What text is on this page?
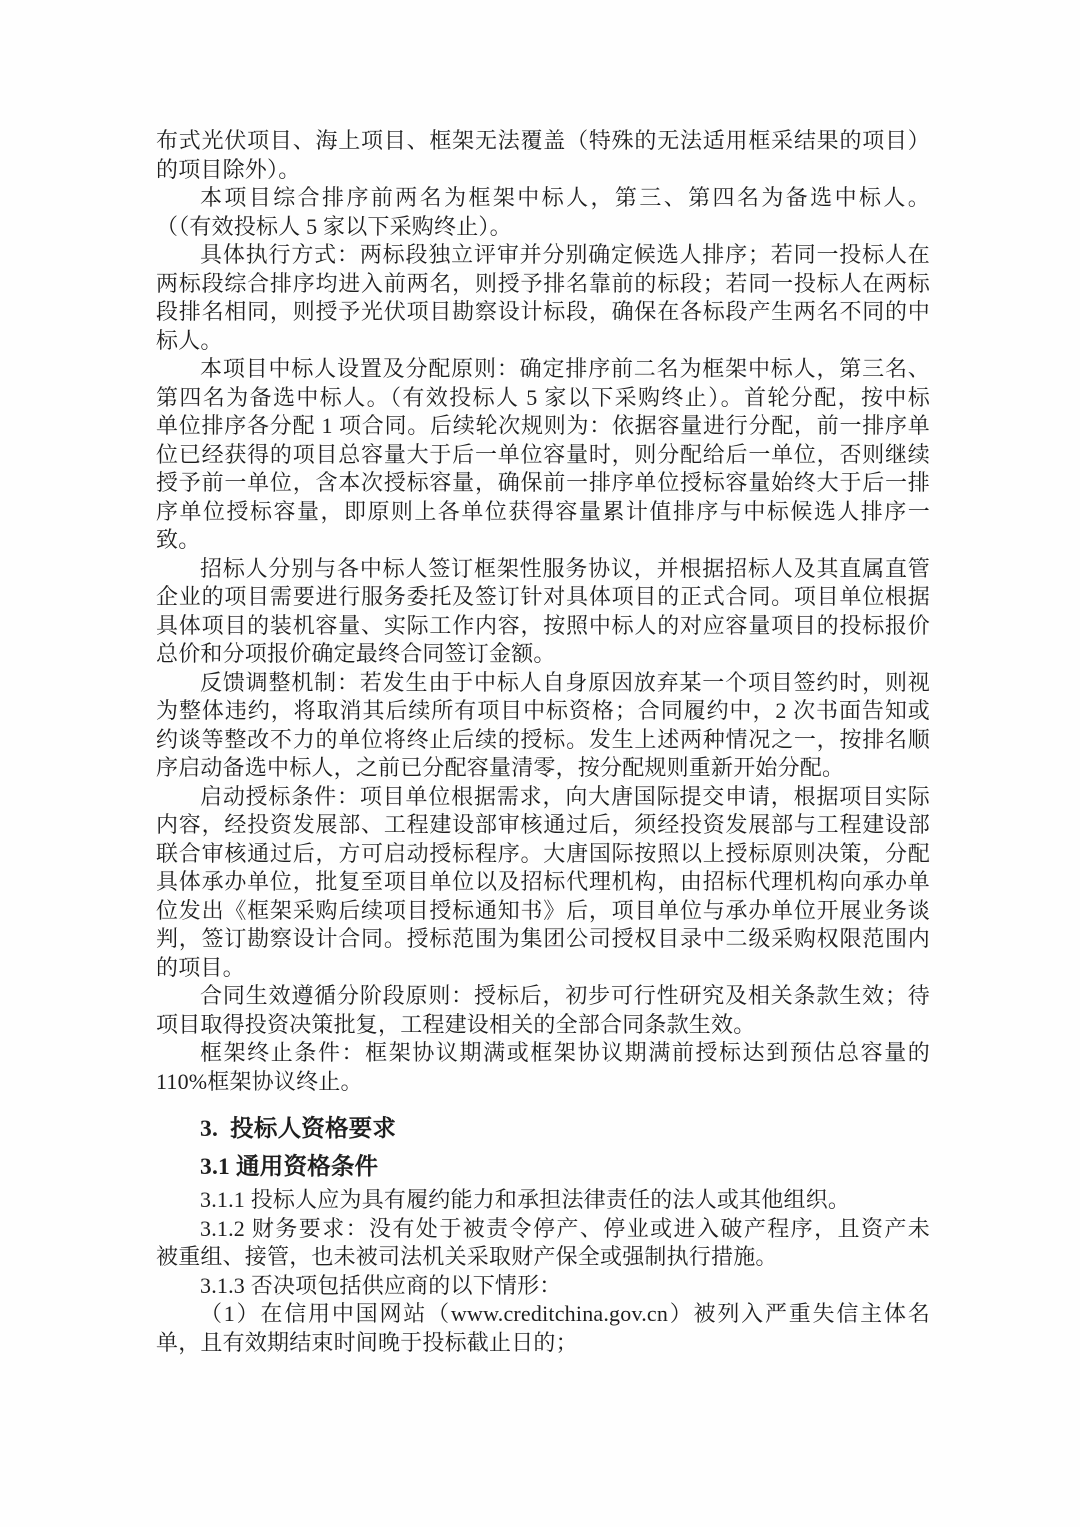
布式光伏项目、海上项目、框架无法覆盖（特殊的无法适用框采结果的项目）
的项目除外）。
本项目综合排序前两名为框架中标人，第三、第四名为备选中标人。
（（有效投标人 5 家以下采购终止）。
具体执行方式：两标段独立评审并分别确定候选人排序；若同一投标人在
两标段综合排序均进入前两名，则授予排名靠前的标段；若同一投标人在两标
段排名相同，则授予光伏项目勘察设计标段，确保在各标段产生两名不同的中
标人。
本项目中标人设置及分配原则：确定排序前二名为框架中标人，第三名、
第四名为备选中标人。（有效投标人 5 家以下采购终止）。首轮分配，按中标
单位排序各分配 1 项合同。后续轮次规则为：依据容量进行分配，前一排序单
位已经获得的项目总容量大于后一单位容量时，则分配给后一单位，否则继续
授予前一单位，含本次授标容量，确保前一排序单位授标容量始终大于后一排
序单位授标容量，即原则上各单位获得容量累计值排序与中标候选人排序一
致。
招标人分别与各中标人签订框架性服务协议，并根据招标人及其直属直管
企业的项目需要进行服务委托及签订针对具体项目的正式合同。项目单位根据
具体项目的装机容量、实际工作内容，按照中标人的对应容量项目的投标报价
总价和分项报价确定最终合同签订金额。
反馈调整机制：若发生由于中标人自身原因放弃某一个项目签约时，则视
为整体违约，将取消其后续所有项目中标资格；合同履约中，2 次书面告知或
约谈等整改不力的单位将终止后续的授标。发生上述两种情况之一，按排名顺
序启动备选中标人，之前已分配容量清零，按分配规则重新开始分配。
启动授标条件：项目单位根据需求，向大唐国际提交申请，根据项目实际
内容，经投资发展部、工程建设部审核通过后，须经投资发展部与工程建设部
联合审核通过后，方可启动授标程序。大唐国际按照以上授标原则决策，分配
具体承办单位，批复至项目单位以及招标代理机构，由招标代理机构向承办单
位发出《框架采购后续项目授标通知书》后，项目单位与承办单位开展业务谈
判，签订勘察设计合同。授标范围为集团公司授权目录中二级采购权限范围内
的项目。
合同生效遵循分阶段原则：授标后，初步可行性研究及相关条款生效；待
项目取得投资决策批复，工程建设相关的全部合同条款生效。
框架终止条件：框架协议期满或框架协议期满前授标达到预估总容量的
110%框架协议终止。
3.  投标人资格要求
3.1 通用资格条件
3.1.1 投标人应为具有履约能力和承担法律责任的法人或其他组织。
3.1.2 财务要求：没有处于被责令停产、停业或进入破产程序，且资产未
被重组、接管，也未被司法机关采取财产保全或强制执行措施。
3.1.3 否决项包括供应商的以下情形：
（1）在信用中国网站（www.creditchina.gov.cn）被列入严重失信主体名
单，且有效期结束时间晚于投标截止日的；
